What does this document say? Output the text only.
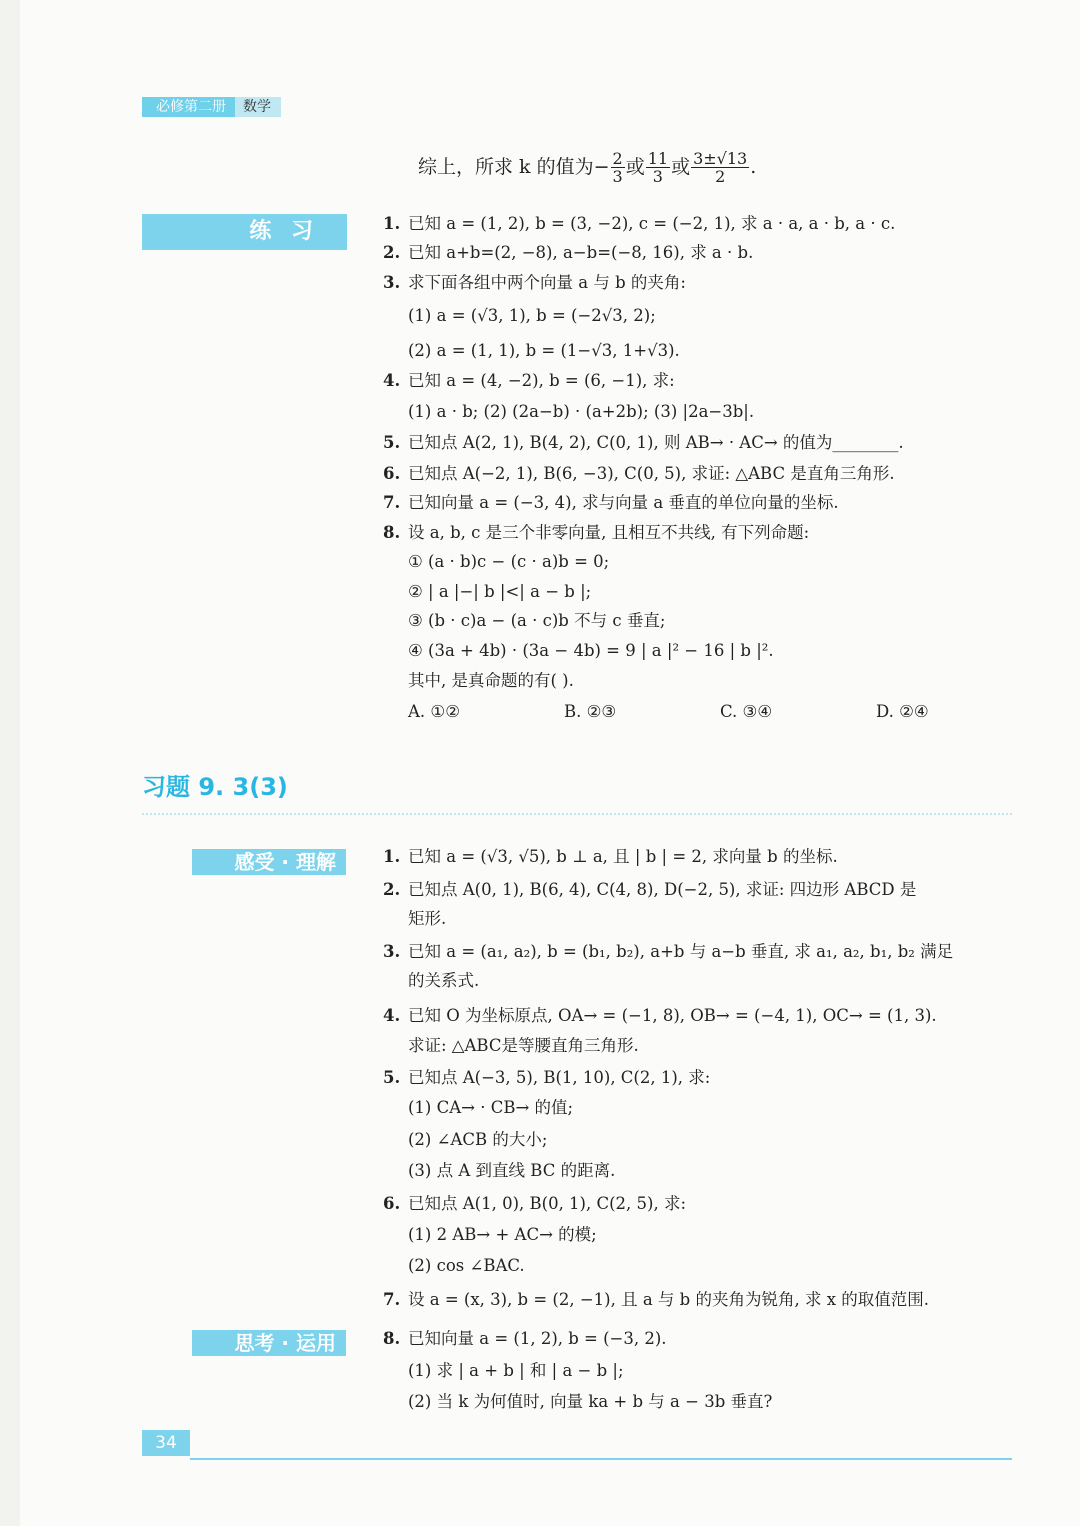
必修第二册	数学
综上，所求 k 的值为− $\frac{2}{3}$ 或 $\frac{11}{3}$ 或 $\frac{3\pm√13}{2}$ .
练 习	1. 已知 a = (1, 2), b = (3, −2), c = (−2, 1), 求 a · a, a · b, a · c.
2. 已知 a+b=(2, −8), a−b=(−8, 16), 求 a · b.
3. 求下面各组中两个向量 a 与 b 的夹角:
(1) a = (√3, 1), b = (−2√3, 2);
(2) a = (1, 1), b = (1−√3, 1+√3).
4. 已知 a = (4, −2), b = (6, −1), 求:
(1) a · b; (2) (2a−b) · (a+2b); (3) |2a−3b|.
5. 已知点 A(2, 1), B(4, 2), C(0, 1), 则 AB→ · AC→ 的值为________.
6. 已知点 A(−2, 1), B(6, −3), C(0, 5), 求证: △ABC 是直角三角形.
7. 已知向量 a = (−3, 4), 求与向量 a 垂直的单位向量的坐标.
8. 设 a, b, c 是三个非零向量, 且相互不共线, 有下列命题:
① (a · b)c − (c · a)b = 0;
② | a |−| b |<| a − b |;
③ (b · c)a − (a · c)b 不与 c 垂直;
④ (3a + 4b) · (3a − 4b) = 9 | a |² − 16 | b |².
其中, 是真命题的有( ).
A. ①②	B. ②③	C. ③④	D. ②④
习题 9. 3(3)
感受 · 理解
思考 · 运用
1. 已知 a = (√3, √5), b ⊥ a, 且 | b | = 2, 求向量 b 的坐标.
2. 已知点 A(0, 1), B(6, 4), C(4, 8), D(−2, 5), 求证: 四边形 ABCD 是
矩形.
3. 已知 a = (a₁, a₂), b = (b₁, b₂), a+b 与 a−b 垂直, 求 a₁, a₂, b₁, b₂ 满足
的关系式.
4. 已知 O 为坐标原点, OA→ = (−1, 8), OB→ = (−4, 1), OC→ = (1, 3).
求证: △ABC是等腰直角三角形.
5. 已知点 A(−3, 5), B(1, 10), C(2, 1), 求:
(1) CA→ · CB→ 的值;
(2) ∠ACB 的大小;
(3) 点 A 到直线 BC 的距离.
6. 已知点 A(1, 0), B(0, 1), C(2, 5), 求:
(1) 2 AB→ + AC→ 的模;
(2) cos ∠BAC.
7. 设 a = (x, 3), b = (2, −1), 且 a 与 b 的夹角为锐角, 求 x 的取值范围.
8. 已知向量 a = (1, 2), b = (−3, 2).
(1) 求 | a + b | 和 | a − b |;
(2) 当 k 为何值时, 向量 ka + b 与 a − 3b 垂直?
34
